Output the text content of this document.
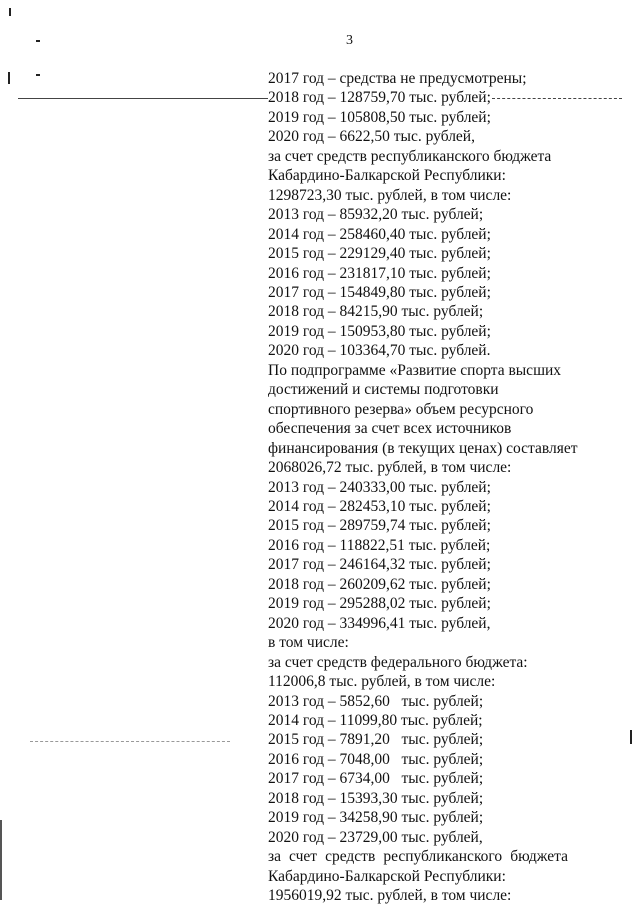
3
2017 год – средства не предусмотрены;
2018 год – 128759,70 тыс. рублей;
2019 год – 105808,50 тыс. рублей;
2020 год – 6622,50 тыс. рублей,
за счет средств республиканского бюджета
Кабардино-Балкарской Республики:
1298723,30 тыс. рублей, в том числе:
2013 год – 85932,20 тыс. рублей;
2014 год – 258460,40 тыс. рублей;
2015 год – 229129,40 тыс. рублей;
2016 год – 231817,10 тыс. рублей;
2017 год – 154849,80 тыс. рублей;
2018 год – 84215,90 тыс. рублей;
2019 год – 150953,80 тыс. рублей;
2020 год – 103364,70 тыс. рублей.
По подпрограмме «Развитие спорта высших
достижений и системы подготовки
спортивного резерва» объем ресурсного
обеспечения за счет всех источников
финансирования (в текущих ценах) составляет
2068026,72 тыс. рублей, в том числе:
2013 год – 240333,00 тыс. рублей;
2014 год – 282453,10 тыс. рублей;
2015 год – 289759,74 тыс. рублей;
2016 год – 118822,51 тыс. рублей;
2017 год – 246164,32 тыс. рублей;
2018 год – 260209,62 тыс. рублей;
2019 год – 295288,02 тыс. рублей;
2020 год – 334996,41 тыс. рублей,
в том числе:
за счет средств федерального бюджета:
112006,8 тыс. рублей, в том числе:
2013 год – 5852,60   тыс. рублей;
2014 год – 11099,80 тыс. рублей;
2015 год – 7891,20   тыс. рублей;
2016 год – 7048,00   тыс. рублей;
2017 год – 6734,00   тыс. рублей;
2018 год – 15393,30 тыс. рублей;
2019 год – 34258,90 тыс. рублей;
2020 год – 23729,00 тыс. рублей,
за счет средств республиканского бюджета
Кабардино-Балкарской Республики:
1956019,92 тыс. рублей, в том числе:
